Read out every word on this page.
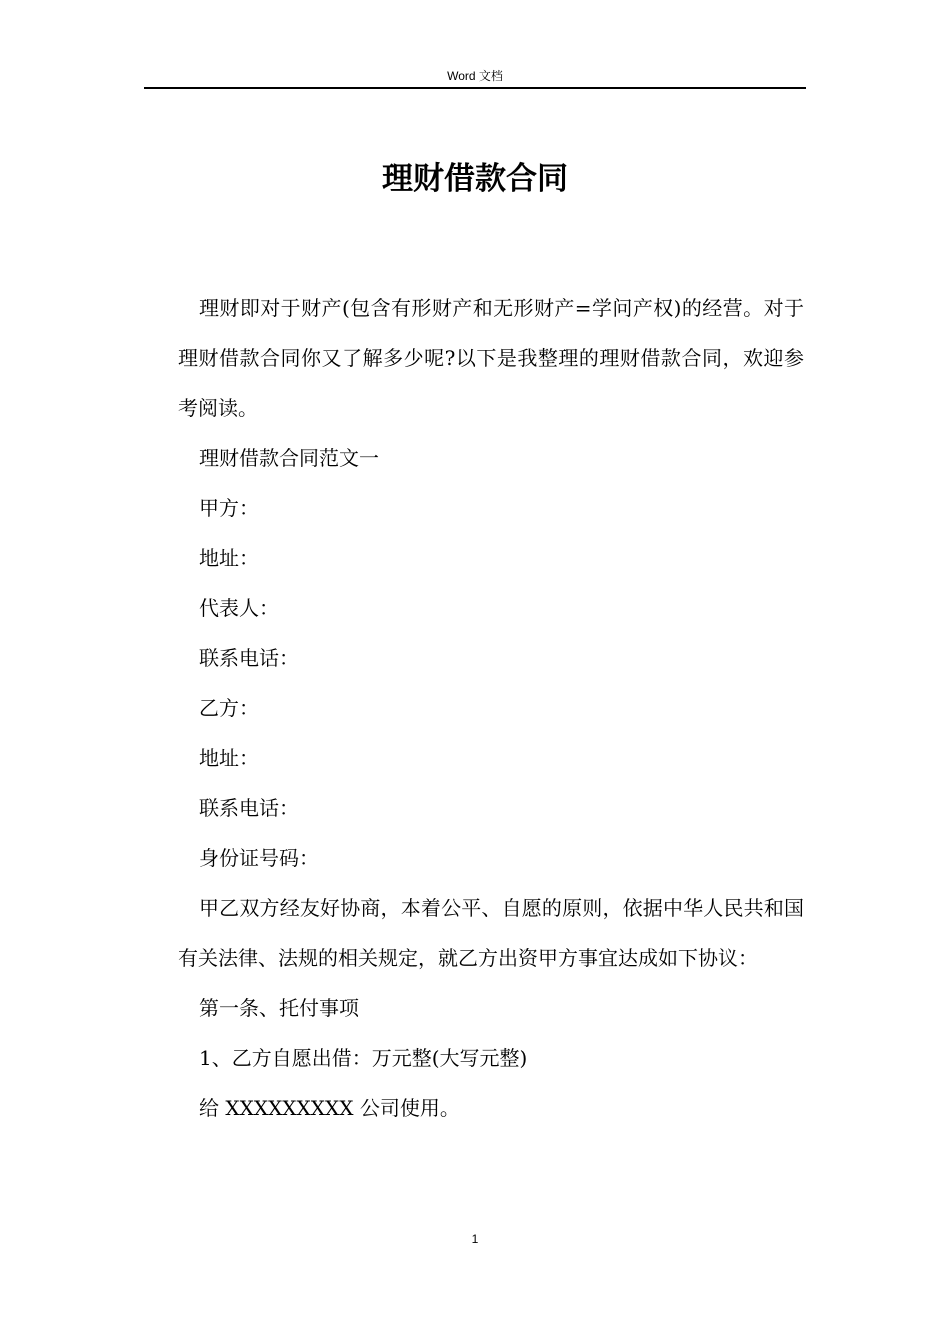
Word 文档
理财借款合同

理财即对于财产(包含有形财产和无形财产=学问产权)的经营。对于理财借款合同你又了解多少呢?以下是我整理的理财借款合同，欢迎参考阅读。

理财借款合同范文一

甲方：

地址：

代表人：

联系电话：

乙方：

地址：

联系电话：

身份证号码：

甲乙双方经友好协商，本着公平、自愿的原则，依据中华人民共和国有关法律、法规的相关规定，就乙方出资甲方事宜达成如下协议：

第一条、托付事项

1、乙方自愿出借：万元整(大写元整)

给 XXXXXXXXX 公司使用。

1
